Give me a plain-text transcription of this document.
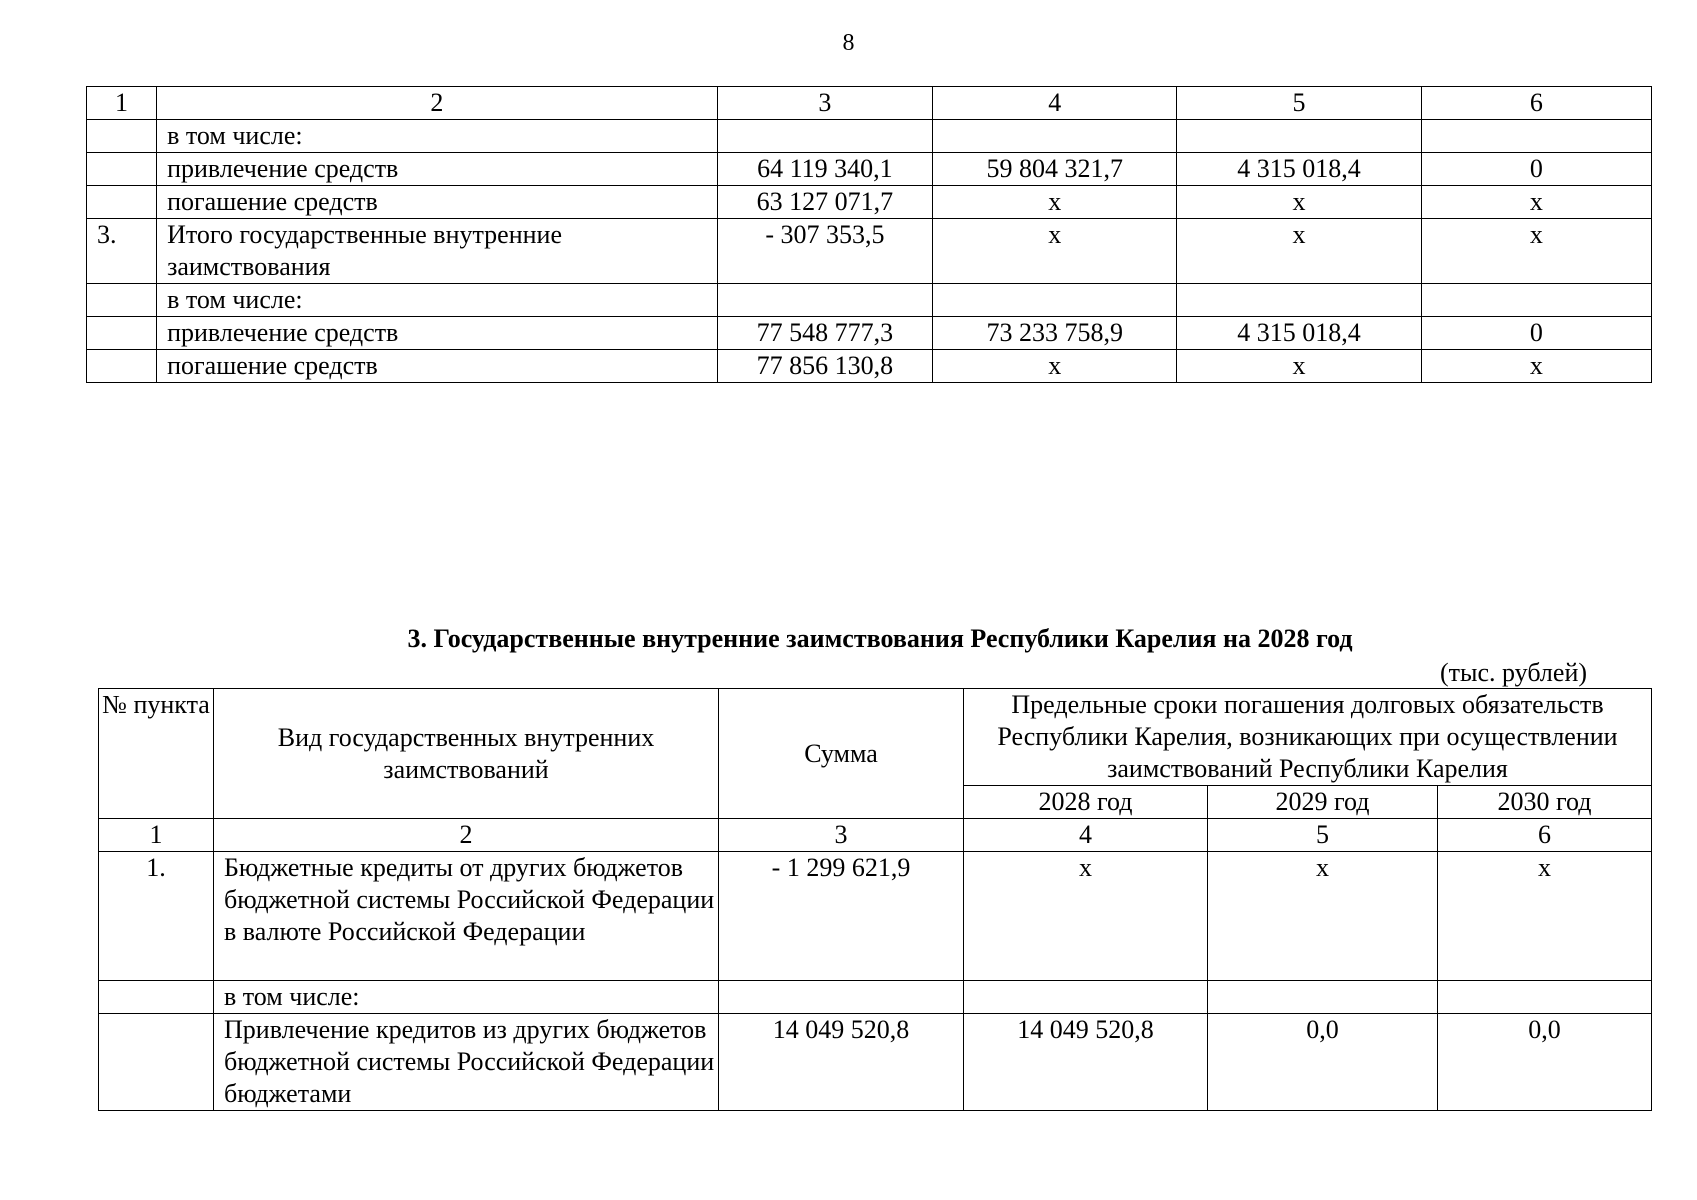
8
1	2	3	4	5	6
	в том числе:				
	привлечение средств	64 119 340,1	59 804 321,7	4 315 018,4	0
	погашение средств	63 127 071,7	х	х	х
3.	Итого государственные внутренние заимствования	- 307 353,5	х	х	х
	в том числе:				
	привлечение средств	77 548 777,3	73 233 758,9	4 315 018,4	0
	погашение средств	77 856 130,8	х	х	х
3. Государственные внутренние заимствования Республики Карелия на 2028 год
(тыс. рублей)
№ пункта	Вид государственных внутренних заимствований	Сумма	Предельные сроки погашения долговых обязательств Республики Карелия, возникающих при осуществлении заимствований Республики Карелия		
			2028 год	2029 год	2030 год
1	2	3	4	5	6
1.	Бюджетные кредиты от других бюджетов бюджетной системы Российской Федерации в валюте Российской Федерации	- 1 299 621,9	х	х	х
	в том числе:				
	Привлечение кредитов из других бюджетов бюджетной системы Российской Федерации бюджетами	14 049 520,8	14 049 520,8	0,0	0,0
